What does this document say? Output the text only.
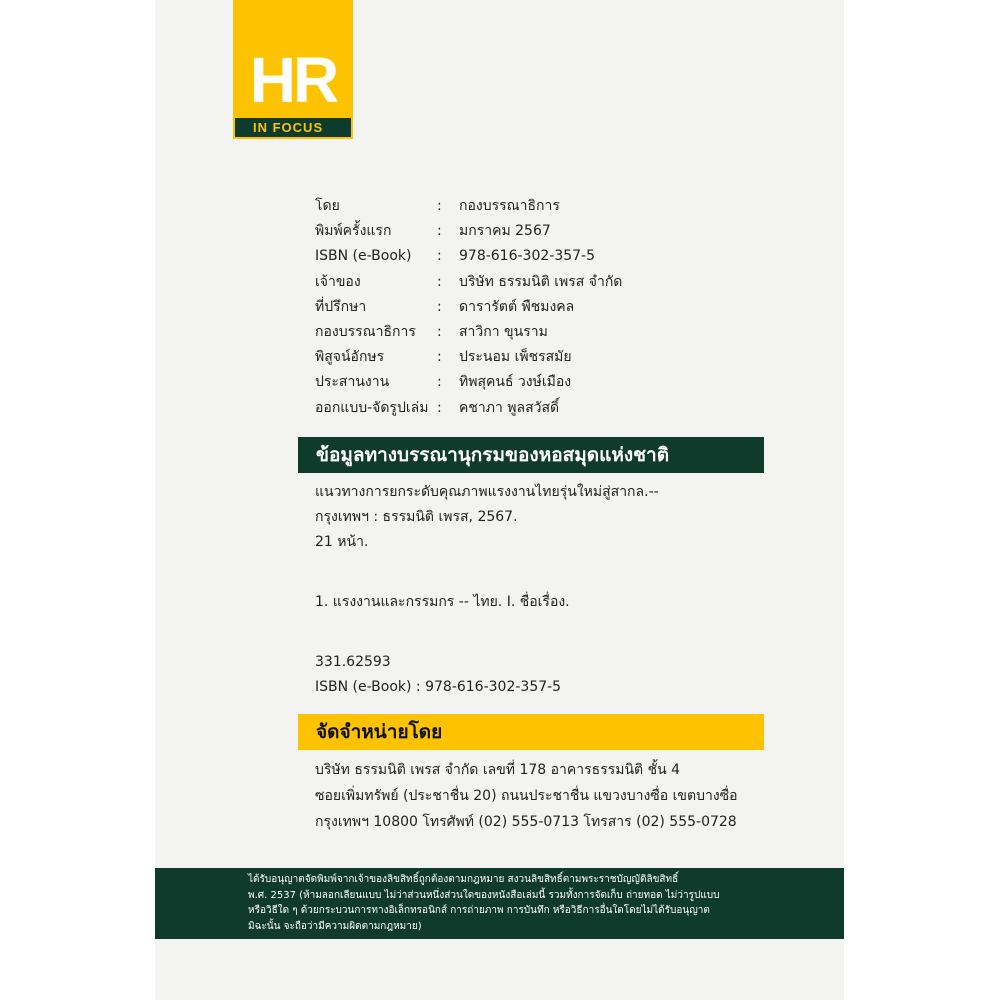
HR
IN FOCUS
โดย	:	กองบรรณาธิการ
พิมพ์ครั้งแรก	:	มกราคม 2567
ISBN (e-Book)	:	978-616-302-357-5
เจ้าของ	:	บริษัท ธรรมนิติ เพรส จำกัด
ที่ปรึกษา	:	ดารารัตต์ พืชมงคล
กองบรรณาธิการ	:	สาวิกา ขุนราม
พิสูจน์อักษร	:	ประนอม เพ็ชรสมัย
ประสานงาน	:	ทิพสุคนธ์ วงษ์เมือง
ออกแบบ-จัดรูปเล่ม :	คชาภา พูลสวัสดิ์
ข้อมูลทางบรรณานุกรมของหอสมุดแห่งชาติ
แนวทางการยกระดับคุณภาพแรงงานไทยรุ่นใหม่สู่สากล.--
กรุงเทพฯ : ธรรมนิติ เพรส, 2567.
21 หน้า.
1. แรงงานและกรรมกร -- ไทย. I. ชื่อเรื่อง.
331.62593
ISBN (e-Book) : 978-616-302-357-5
จัดจำหน่ายโดย
บริษัท ธรรมนิติ เพรส จำกัด เลขที่ 178 อาคารธรรมนิติ ชั้น 4
ซอยเพิ่มทรัพย์ (ประชาชื่น 20) ถนนประชาชื่น แขวงบางซื่อ เขตบางซื่อ
กรุงเทพฯ 10800 โทรศัพท์ (02) 555-0713 โทรสาร (02) 555-0728
ได้รับอนุญาตจัดพิมพ์จากเจ้าของลิขสิทธิ์ถูกต้องตามกฎหมาย สงวนลิขสิทธิ์ตามพระราชบัญญัติลิขสิทธิ์
พ.ศ. 2537 (ห้ามลอกเลียนแบบ ไม่ว่าส่วนหนึ่งส่วนใดของหนังสือเล่มนี้ รวมทั้งการจัดเก็บ ถ่ายทอด ไม่ว่ารูปแบบ
หรือวิธีใด ๆ ด้วยกระบวนการทางอิเล็กทรอนิกส์ การถ่ายภาพ การบันทึก หรือวิธีการอื่นใดโดยไม่ได้รับอนุญาต
มิฉะนั้น จะถือว่ามีความผิดตามกฎหมาย)
